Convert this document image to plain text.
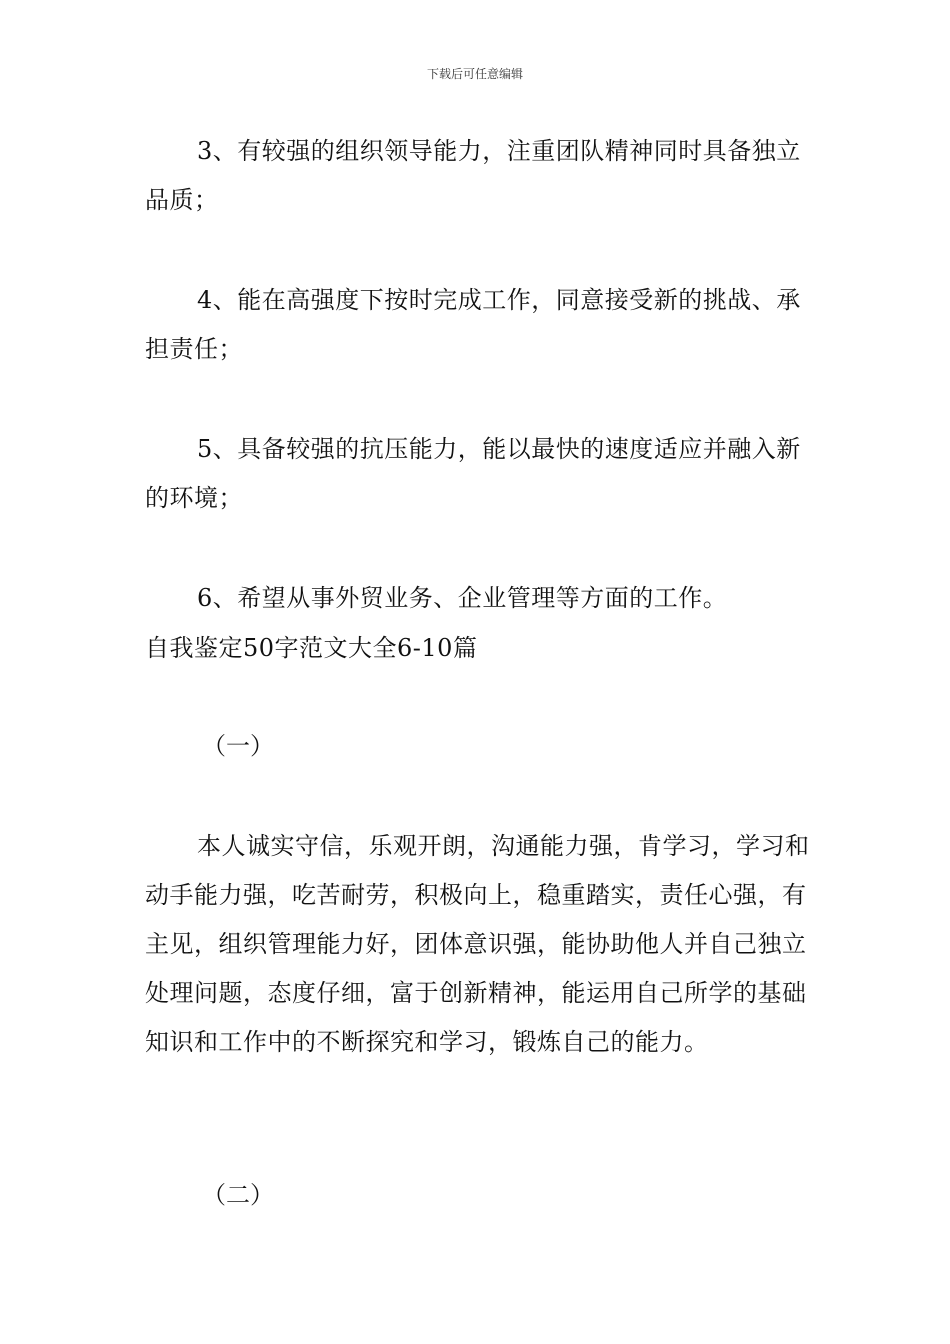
下载后可任意编辑

3、有较强的组织领导能力，注重团队精神同时具备独立品质；

4、能在高强度下按时完成工作，同意接受新的挑战、承担责任；

5、具备较强的抗压能力，能以最快的速度适应并融入新的环境；

6、希望从事外贸业务、企业管理等方面的工作。

自我鉴定50字范文大全6-10篇
（一）

本人诚实守信，乐观开朗，沟通能力强，肯学习，学习和动手能力强，吃苦耐劳，积极向上，稳重踏实，责任心强，有主见，组织管理能力好，团体意识强，能协助他人并自己独立处理问题，态度仔细，富于创新精神，能运用自己所学的基础知识和工作中的不断探究和学习，锻炼自己的能力。

（二）
